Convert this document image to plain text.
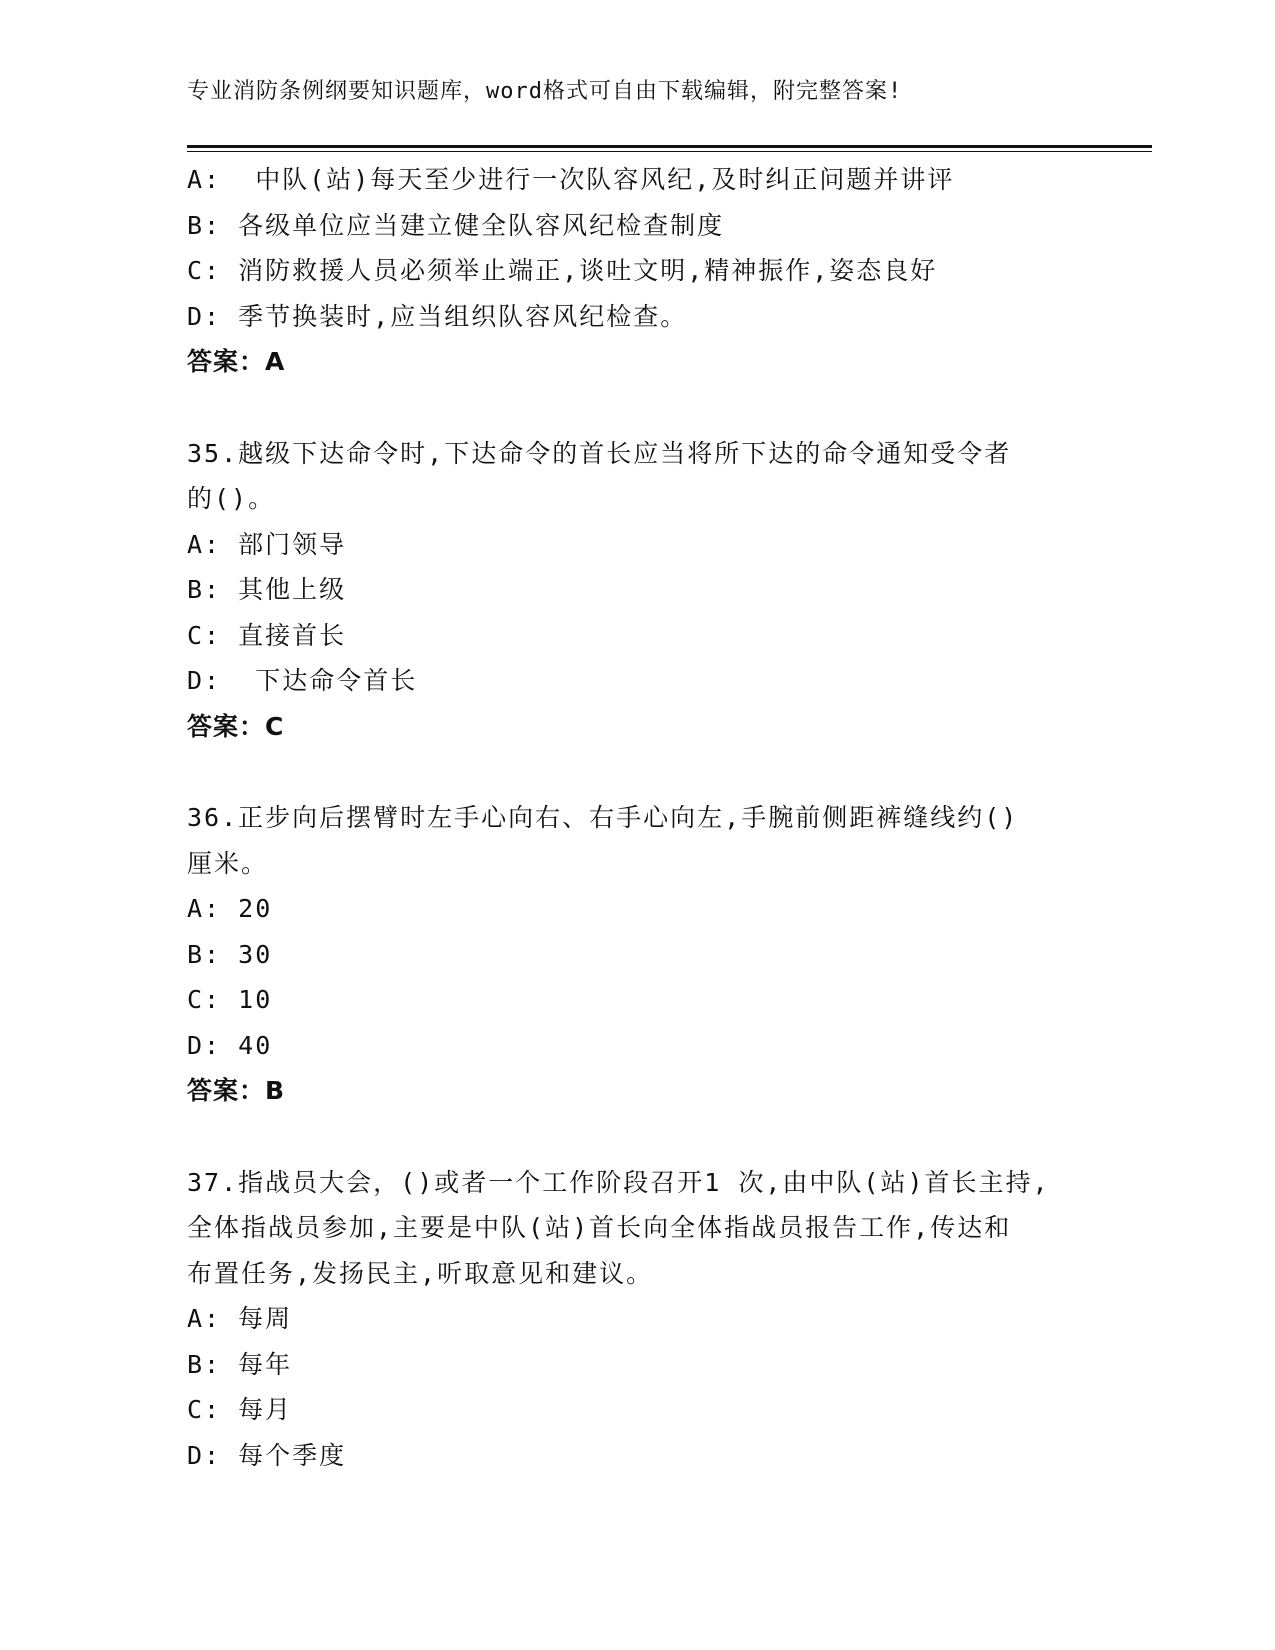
专业消防条例纲要知识题库，word格式可自由下载编辑，附完整答案!
A:  中队(站)每天至少进行一次队容风纪,及时纠正问题并讲评
B: 各级单位应当建立健全队容风纪检查制度
C: 消防救援人员必须举止端正,谈吐文明,精神振作,姿态良好
D: 季节换装时,应当组织队容风纪检查。
答案：A
35.越级下达命令时,下达命令的首长应当将所下达的命令通知受令者
的()。
A: 部门领导
B: 其他上级
C: 直接首长
D:  下达命令首长
答案：C
36.正步向后摆臂时左手心向右、右手心向左,手腕前侧距裤缝线约()
厘米。
A: 20
B: 30
C: 10
D: 40
答案：B
37.指战员大会，()或者一个工作阶段召开1 次,由中队(站)首长主持,
全体指战员参加,主要是中队(站)首长向全体指战员报告工作,传达和
布置任务,发扬民主,听取意见和建议。
A: 每周
B: 每年
C: 每月
D: 每个季度
